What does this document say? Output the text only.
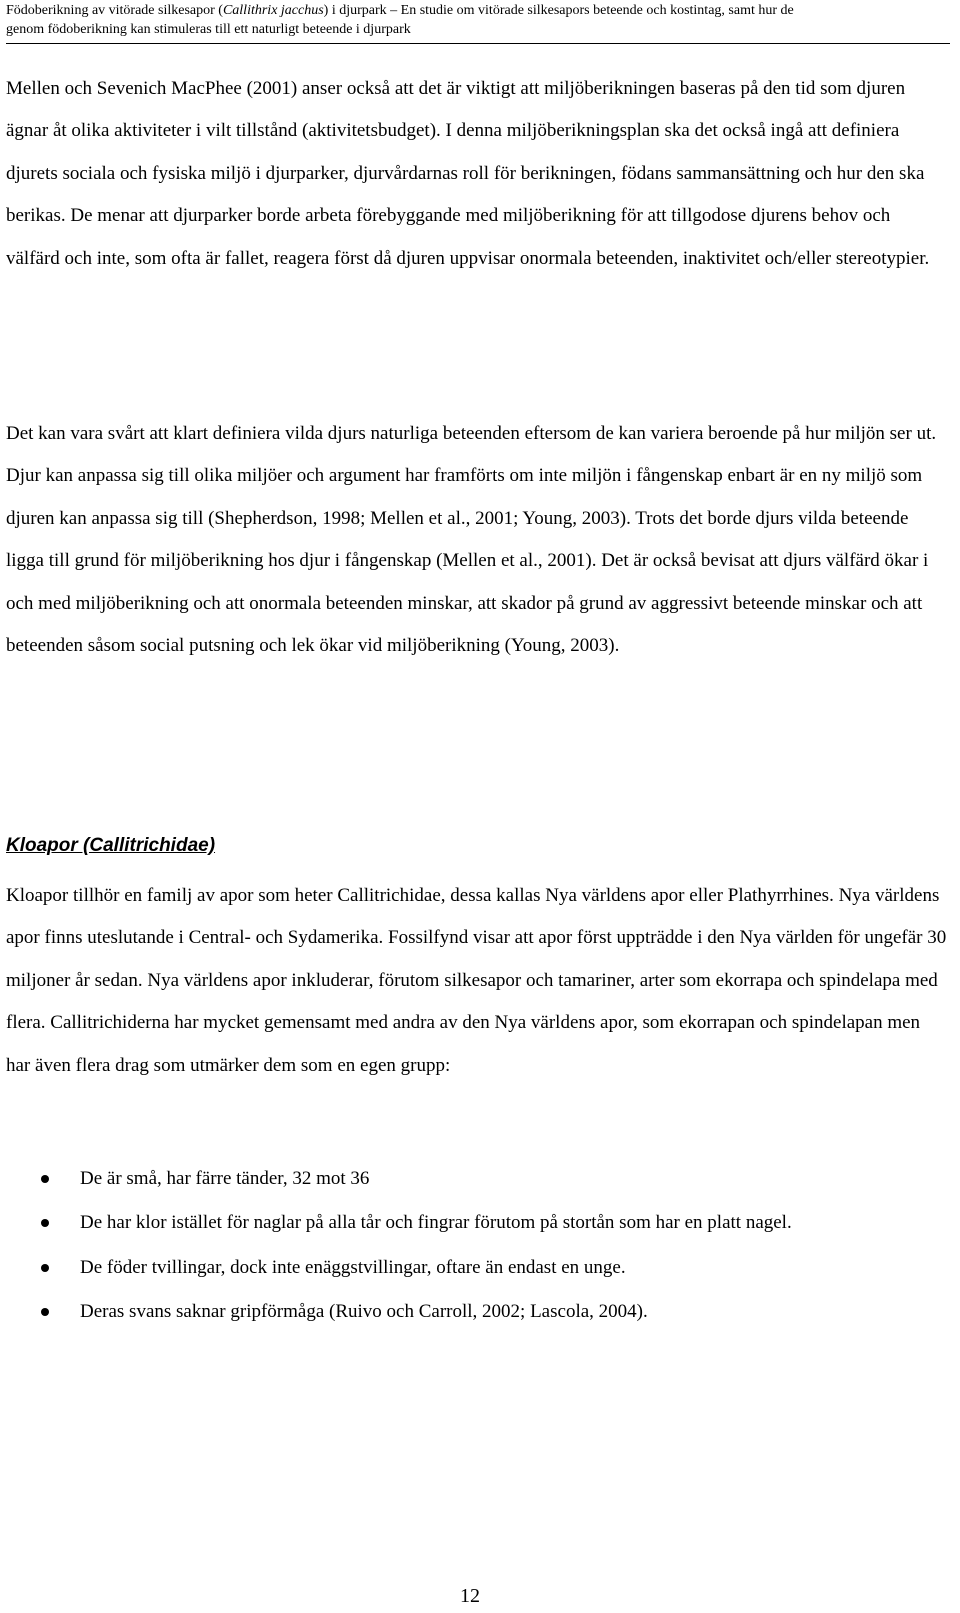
Födoberikning av vitörade silkesapor (Callithrix jacchus) i djurpark – En studie om vitörade silkesapors beteende och kostintag, samt hur de
genom födoberikning kan stimuleras till ett naturligt beteende i djurpark

Mellen och Sevenich MacPhee (2001) anser också att det är viktigt att miljöberikningen baseras på den tid som djuren ägnar åt olika aktiviteter i vilt tillstånd (aktivitetsbudget). I denna miljöberikningsplan ska det också ingå att definiera djurets sociala och fysiska miljö i djurparker, djurvårdarnas roll för berikningen, födans sammansättning och hur den ska berikas. De menar att djurparker borde arbeta förebyggande med miljöberikning för att tillgodose djurens behov och välfärd och inte, som ofta är fallet, reagera först då djuren uppvisar onormala beteenden, inaktivitet och/eller stereotypier.

Det kan vara svårt att klart definiera vilda djurs naturliga beteenden eftersom de kan variera beroende på hur miljön ser ut. Djur kan anpassa sig till olika miljöer och argument har framförts om inte miljön i fångenskap enbart är en ny miljö som djuren kan anpassa sig till (Shepherdson, 1998; Mellen et al., 2001; Young, 2003). Trots det borde djurs vilda beteende ligga till grund för miljöberikning hos djur i fångenskap (Mellen et al., 2001). Det är också bevisat att djurs välfärd ökar i och med miljöberikning och att onormala beteenden minskar, att skador på grund av aggressivt beteende minskar och att beteenden såsom social putsning och lek ökar vid miljöberikning (Young, 2003).

Kloapor (Callitrichidae)

Kloapor tillhör en familj av apor som heter Callitrichidae, dessa kallas Nya världens apor eller Plathyrrhines. Nya världens apor finns uteslutande i Central- och Sydamerika. Fossilfynd visar att apor först uppträdde i den Nya världen för ungefär 30 miljoner år sedan. Nya världens apor inkluderar, förutom silkesapor och tamariner, arter som ekorrapa och spindelapa med flera. Callitrichiderna har mycket gemensamt med andra av den Nya världens apor, som ekorrapan och spindelapan men har även flera drag som utmärker dem som en egen grupp:

De är små, har färre tänder, 32 mot 36
De har klor istället för naglar på alla tår och fingrar förutom på stortån som har en platt nagel.
De föder tvillingar, dock inte enäggstvillingar, oftare än endast en unge.
Deras svans saknar gripförmåga (Ruivo och Carroll, 2002; Lascola, 2004).
12
